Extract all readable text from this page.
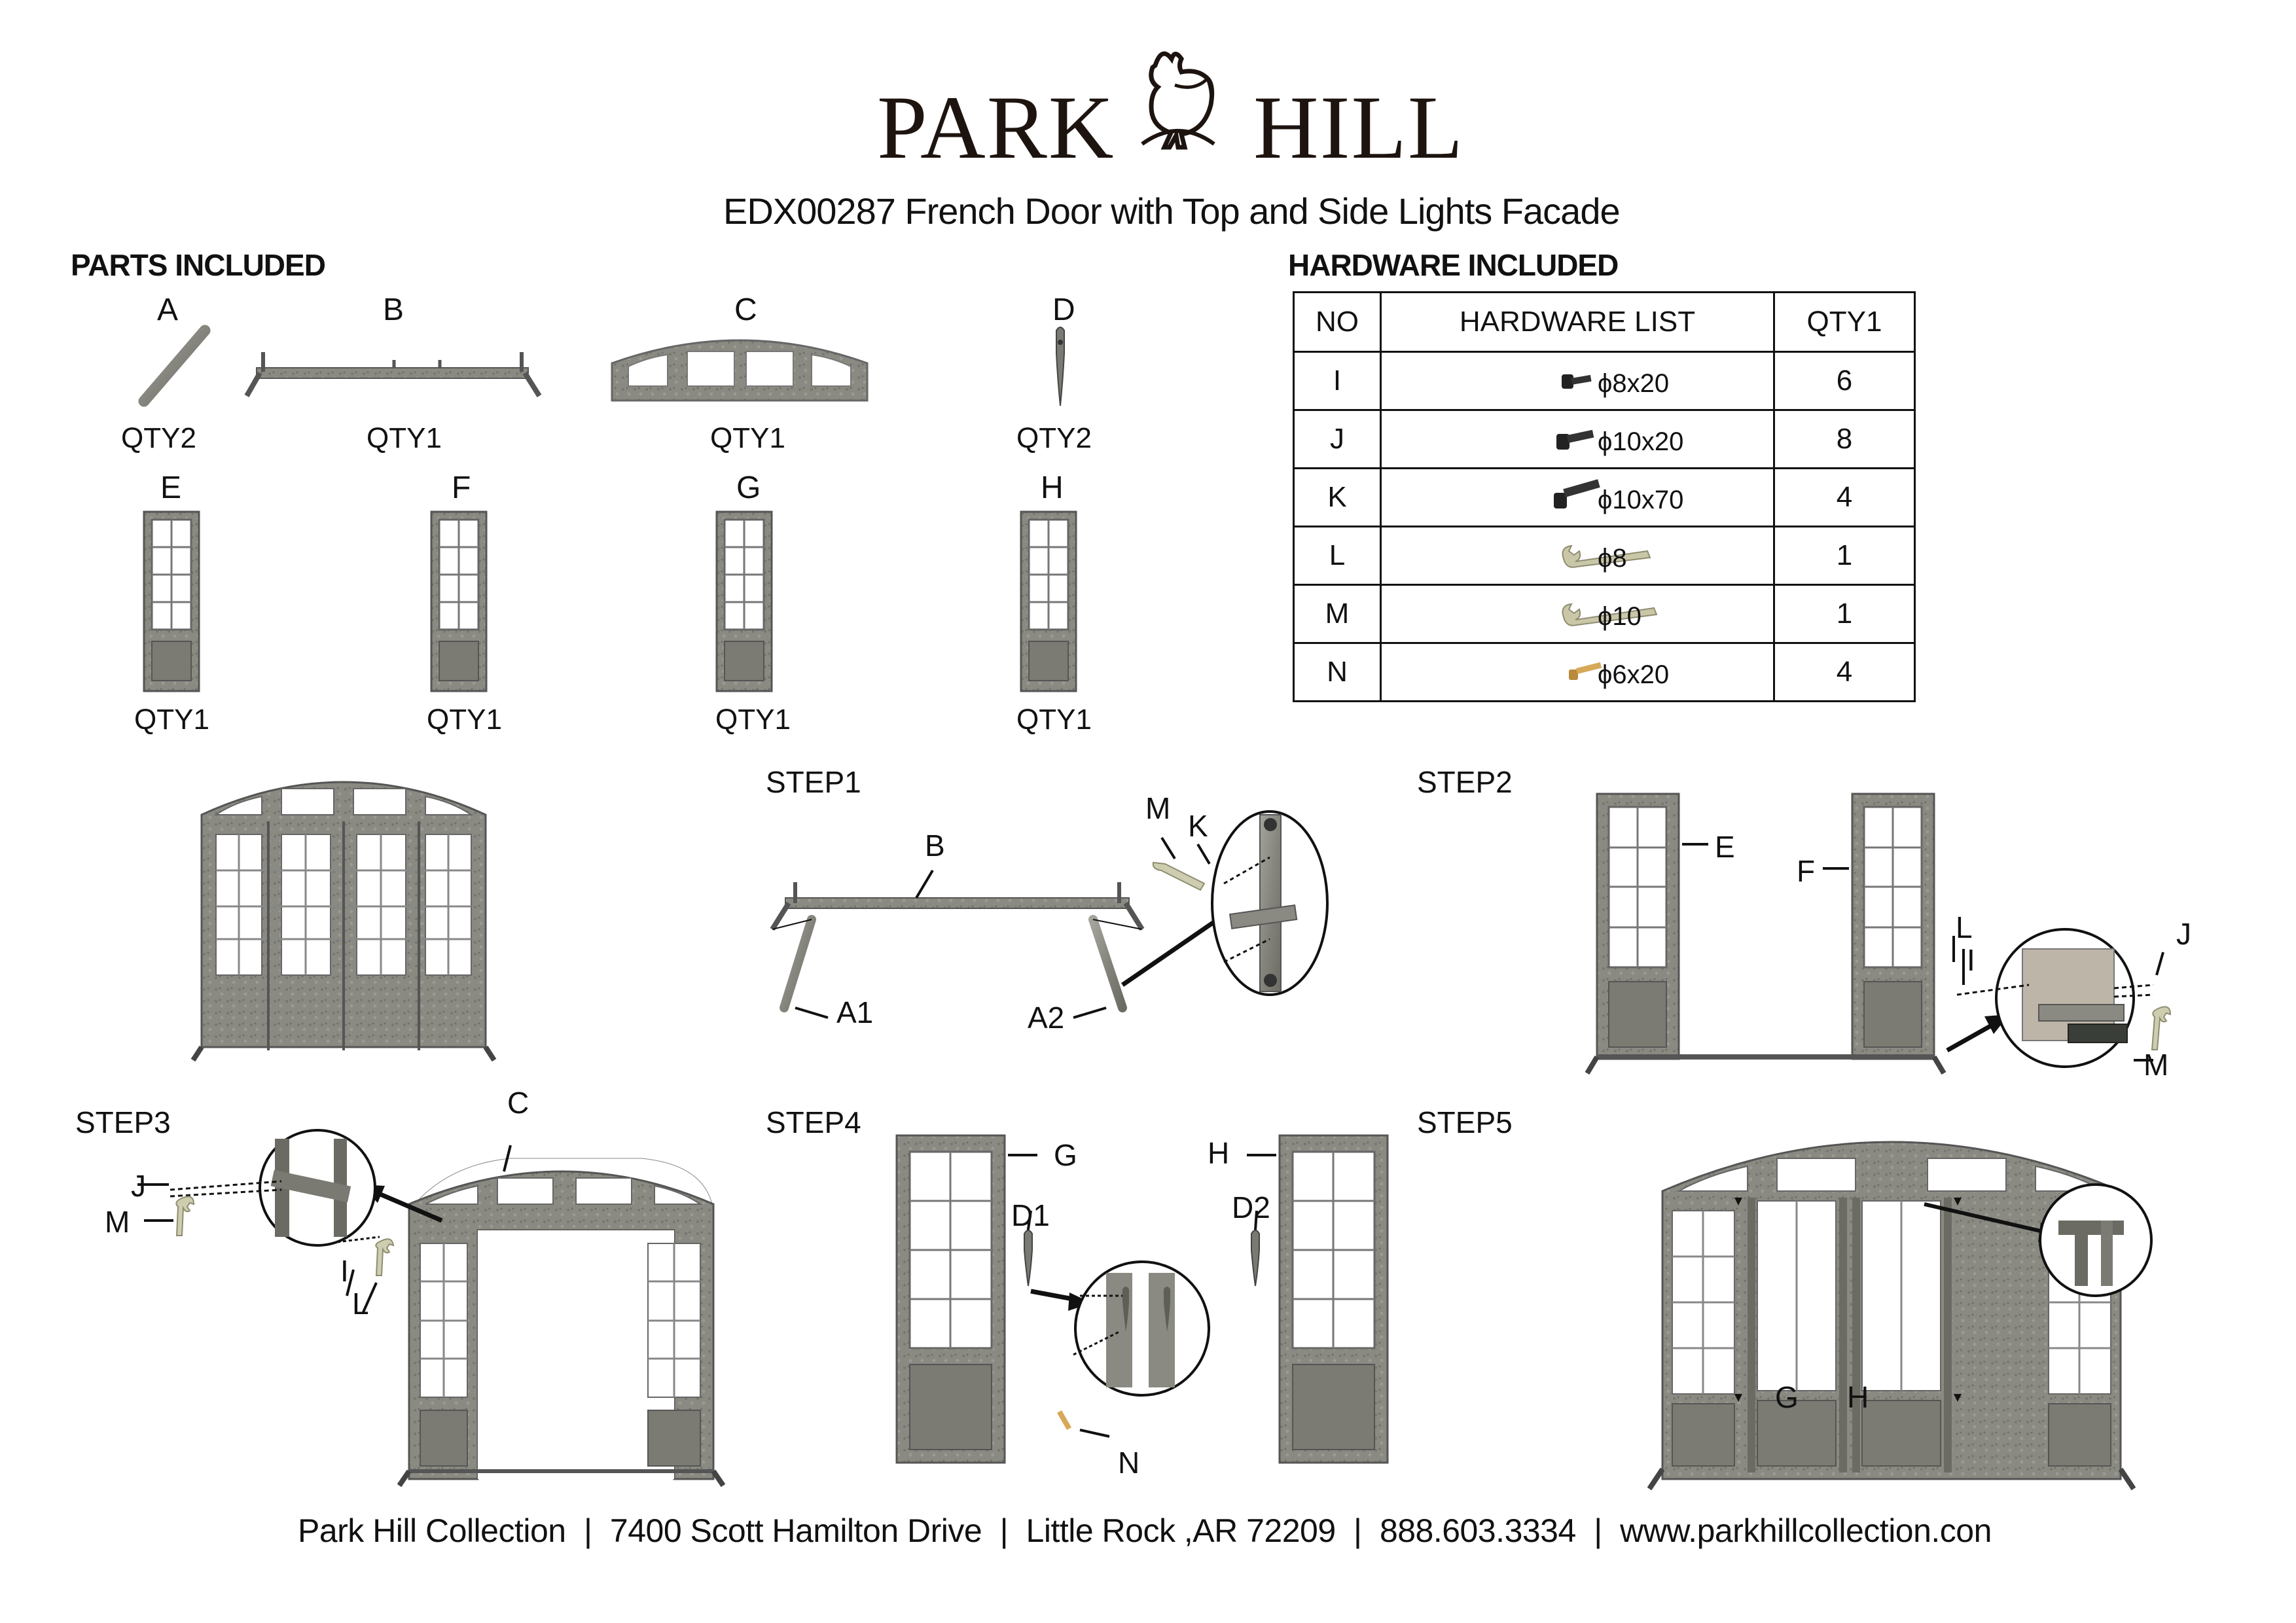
PARK HILL
EDX00287 French Door with Top and Side Lights Facade
PARTS INCLUDED
A	B	C	D
QTY2	QTY1	QTY1	QTY2
E	F	G	H
QTY1	QTY1	QTY1	QTY1
HARDWARE INCLUDED
NO	HARDWARE LIST	QTY1
I	ϕ8x20	6
J	ϕ10x20	8
K	ϕ10x70	4
L	ϕ8	1
M	ϕ10	1
N	ϕ6x20	4
STEP1
B
M
K
A1	A2
STEP2
E
F
L
I
J
M
STEP3
C
J
M
I
L
STEP4
G	H
D1	D2
N
STEP5
G H
Park Hill Collection | 7400 Scott Hamilton Drive | Little Rock ,AR 72209 | 888.603.3334 | www.parkhillcollection.con
